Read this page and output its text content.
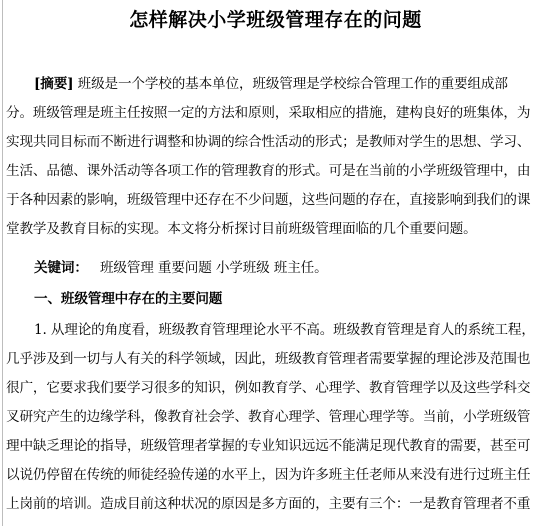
怎样解决小学班级管理存在的问题
[摘要] 班级是一个学校的基本单位，班级管理是学校综合管理工作的重要组成部
分。班级管理是班主任按照一定的方法和原则，采取相应的措施，建构良好的班集体，为
实现共同目标而不断进行调整和协调的综合性活动的形式；是教师对学生的思想、学习、
生活、品德、课外活动等各项工作的管理教育的形式。可是在当前的小学班级管理中，由
于各种因素的影响，班级管理中还存在不少问题，这些问题的存在，直接影响到我们的课
堂教学及教育目标的实现。本文将分析探讨目前班级管理面临的几个重要问题。
关键词： 班级管理 重要问题 小学班级 班主任。
一、班级管理中存在的主要问题
1. 从理论的角度看，班级教育管理理论水平不高。班级教育管理是育人的系统工程，
几乎涉及到一切与人有关的科学领域，因此，班级教育管理者需要掌握的理论涉及范围也
很广，它要求我们要学习很多的知识，例如教育学、心理学、教育管理学以及这些学科交
叉研究产生的边缘学科，像教育社会学、教育心理学、管理心理学等。当前，小学班级管
理中缺乏理论的指导，班级管理者掌握的专业知识远远不能满足现代教育的需要，甚至可
以说仍停留在传统的师徒经验传递的水平上，因为许多班主任老师从来没有进行过班主任
上岗前的培训。造成目前这种状况的原因是多方面的，主要有三个：一是教育管理者不重
